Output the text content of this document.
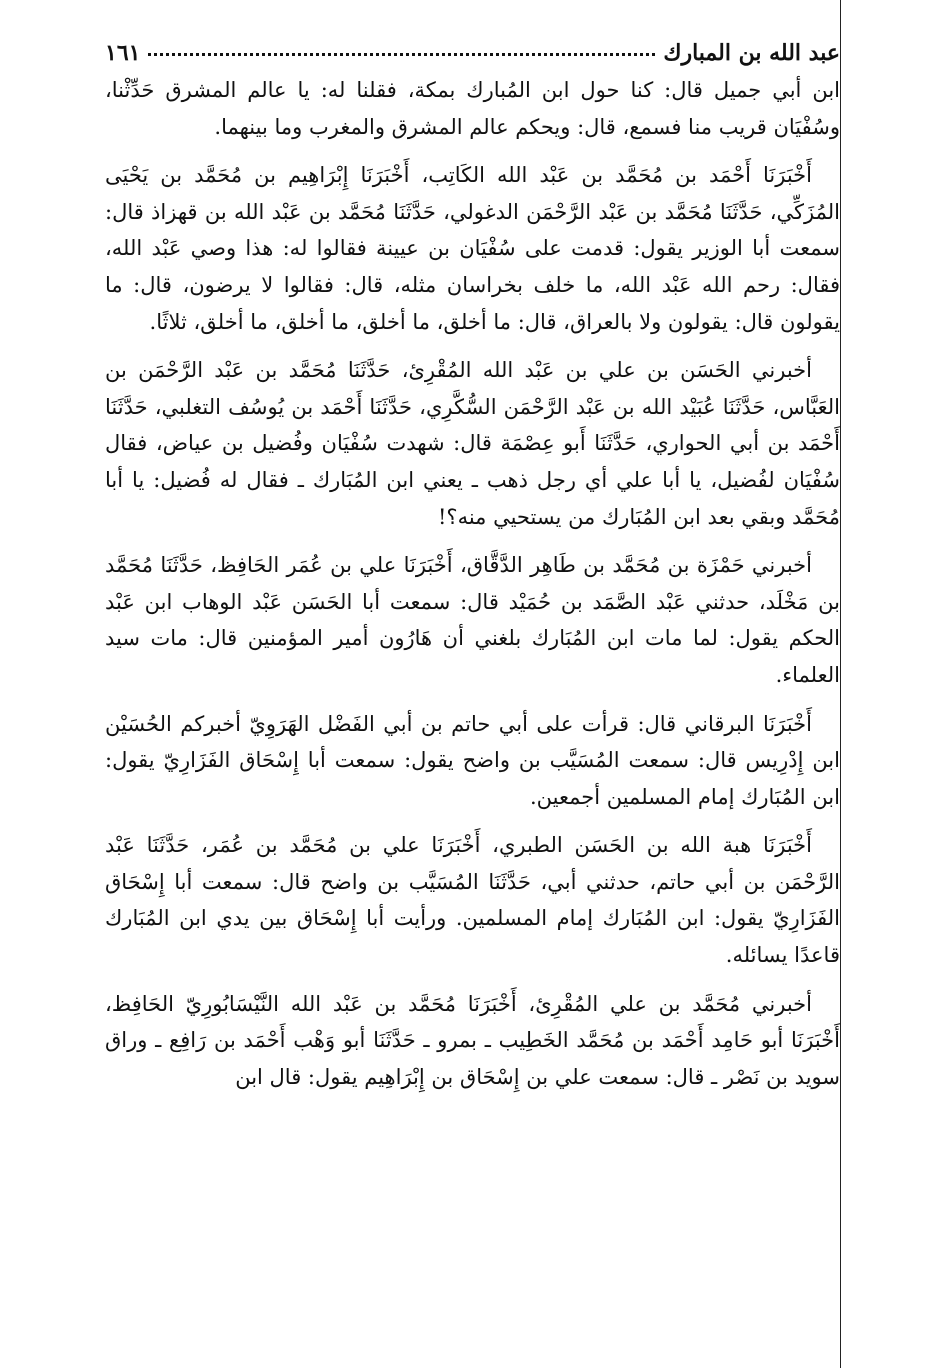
عبد الله بن المبارك
١٦١

ابن أبي جميل قال: كنا حول ابن المُبارك بمكة، فقلنا له: يا عالم المشرق حَدِّثْنا، وسُفْيَان قريب منا فسمع، قال: ويحكم عالم المشرق والمغرب وما بينهما.

أَخْبَرَنَا أَحْمَد بن مُحَمَّد بن عَبْد الله الكَاتِب، أَخْبَرَنَا إِبْرَاهِيم بن مُحَمَّد بن يَحْيَى المُزَكِّي، حَدَّثَنَا مُحَمَّد بن عَبْد الرَّحْمَن الدغولي، حَدَّثَنَا مُحَمَّد بن عَبْد الله بن قهزاذ قال: سمعت أبا الوزير يقول: قدمت على سُفْيَان بن عيينة فقالوا له: هذا وصي عَبْد الله، فقال: رحم الله عَبْد الله، ما خلف بخراسان مثله، قال: فقالوا لا يرضون، قال: ما يقولون قال: يقولون ولا بالعراق، قال: ما أخلق، ما أخلق، ما أخلق، ما أخلق، ثلاثًا.

أخبرني الحَسَن بن علي بن عَبْد الله المُقْرِئ، حَدَّثَنَا مُحَمَّد بن عَبْد الرَّحْمَن بن العَبَّاس، حَدَّثَنَا عُبَيْد الله بن عَبْد الرَّحْمَن السُّكَّرِي، حَدَّثَنَا أَحْمَد بن يُوسُف التغلبي، حَدَّثَنَا أَحْمَد بن أبي الحواري، حَدَّثَنَا أَبو عِصْمَة قال: شهدت سُفْيَان وفُضيل بن عياض، فقال سُفْيَان لفُضيل، يا أبا علي أي رجل ذهب ـ يعني ابن المُبَارك ـ فقال له فُضيل: يا أبا مُحَمَّد وبقي بعد ابن المُبَارك من يستحيي منه؟!

أخبرني حَمْزَة بن مُحَمَّد بن طَاهِر الدَّقَّاق، أَخْبَرَنَا علي بن عُمَر الحَافِظ، حَدَّثَنَا مُحَمَّد بن مَخْلَد، حدثني عَبْد الصَّمَد بن حُمَيْد قال: سمعت أبا الحَسَن عَبْد الوهاب ابن عَبْد الحكم يقول: لما مات ابن المُبَارك بلغني أن هَارُون أمير المؤمنين قال: مات سيد العلماء.

أَخْبَرَنَا البرقاني قال: قرأت على أبي حاتم بن أبي الفَضْل الهَرَوِيّ أخبركم الحُسَيْن ابن إِدْرِيس قال: سمعت المُسَيَّب بن واضح يقول: سمعت أبا إِسْحَاق الفَزَارِيّ يقول: ابن المُبَارك إمام المسلمين أجمعين.

أَخْبَرَنَا هبة الله بن الحَسَن الطبري، أَخْبَرَنَا علي بن مُحَمَّد بن عُمَر، حَدَّثَنَا عَبْد الرَّحْمَن بن أبي حاتم، حدثني أبي، حَدَّثَنَا المُسَيَّب بن واضح قال: سمعت أبا إِسْحَاق الفَزَارِيّ يقول: ابن المُبَارك إمام المسلمين. ورأيت أبا إِسْحَاق بين يدي ابن المُبَارك قاعدًا يسائله.

أخبرني مُحَمَّد بن علي المُقْرِئ، أَخْبَرَنَا مُحَمَّد بن عَبْد الله النَّيْسَابُورِيّ الحَافِظ، أَخْبَرَنَا أبو حَامِد أَحْمَد بن مُحَمَّد الخَطِيب ـ بمرو ـ حَدَّثَنَا أبو وَهْب أَحْمَد بن رَافِع ـ وراق سويد بن نَصْر ـ قال: سمعت علي بن إِسْحَاق بن إِبْرَاهِيم يقول: قال ابن
